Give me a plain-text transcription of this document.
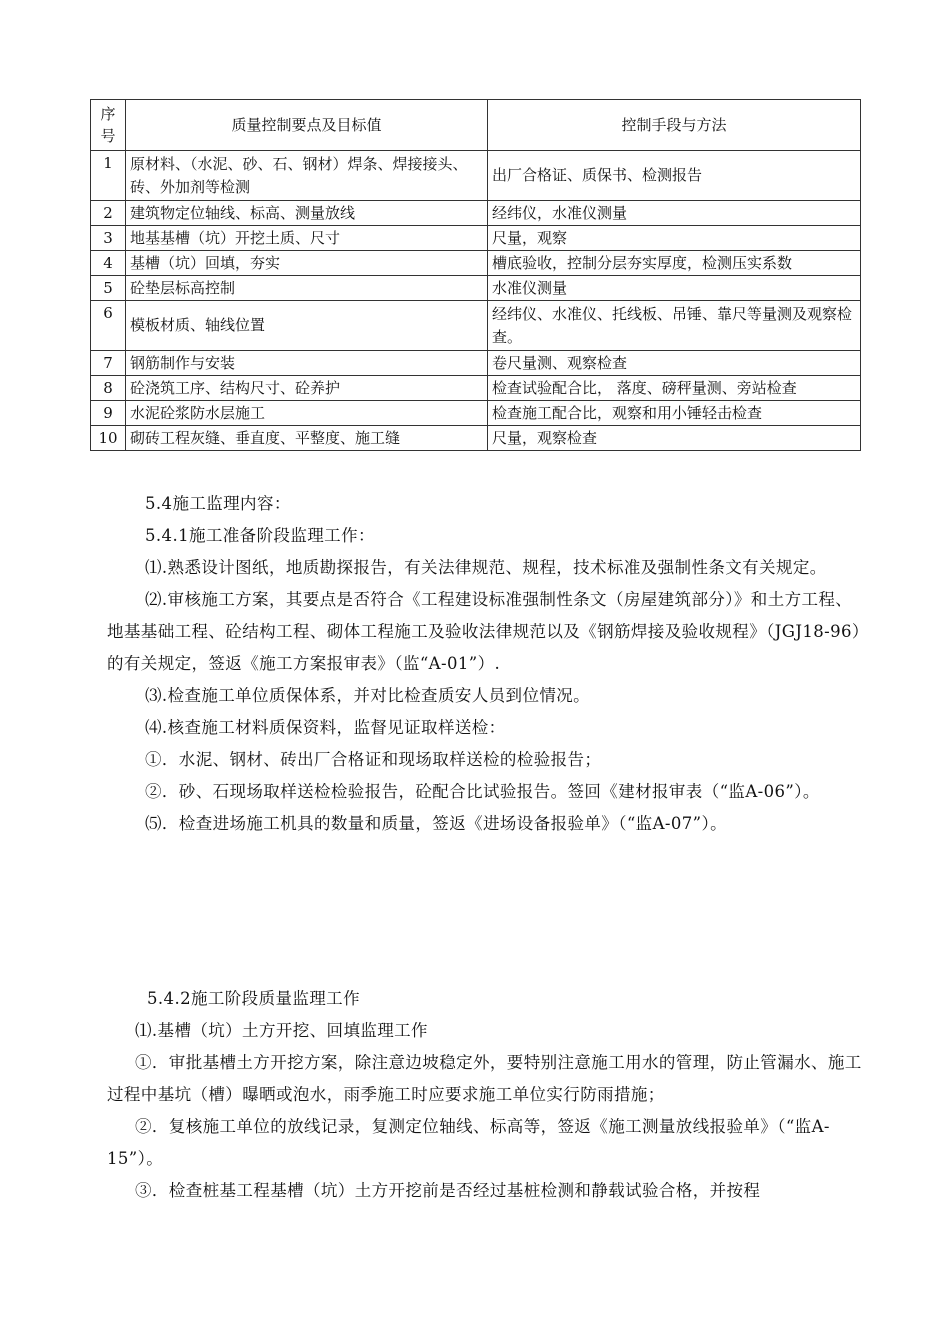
序
号	质量控制要点及目标值	控制手段与方法
1	原材料、（水泥、砂、石、钢材）焊条、焊接接头、砖、外加剂等检测	出厂合格证、质保书、检测报告
2	建筑物定位轴线、标高、测量放线	经纬仪，水准仪测量
3	地基基槽（坑）开挖土质、尺寸	尺量，观察
4	基槽（坑）回填，夯实	槽底验收，控制分层夯实厚度，检测压实系数
5	砼垫层标高控制	水准仪测量
6	模板材质、轴线位置	经纬仪、水准仪、托线板、吊锤、靠尺等量测及观察检查。
7	钢筋制作与安装	卷尺量测、观察检查
8	砼浇筑工序、结构尺寸、砼养护	检查试验配合比， 落度、磅秤量测、旁站检查
9	水泥砼浆防水层施工	检查施工配合比，观察和用小锤轻击检查
10	砌砖工程灰缝、垂直度、平整度、施工缝	尺量，观察检查

5.4施工监理内容：

5.4.1施工准备阶段监理工作：

⑴.熟悉设计图纸，地质勘探报告，有关法律规范、规程，技术标准及强制性条文有关规定。

⑵.审核施工方案，其要点是否符合《工程建设标准强制性条文（房屋建筑部分）》和土方工程、地基基础工程、砼结构工程、砌体工程施工及验收法律规范以及《钢筋焊接及验收规程》（JGJ18-96）的有关规定，签返《施工方案报审表》（监“A-01”）.

⑶.检查施工单位质保体系，并对比检查质安人员到位情况。

⑷.核查施工材料质保资料，监督见证取样送检：

①．水泥、钢材、砖出厂合格证和现场取样送检的检验报告；

②．砂、石现场取样送检检验报告，砼配合比试验报告。签回《建材报审表（“监A-06”）。

⑸．检查进场施工机具的数量和质量，签返《进场设备报验单》（“监A-07”）。

5.4.2施工阶段质量监理工作

⑴.基槽（坑）土方开挖、回填监理工作

①．审批基槽土方开挖方案，除注意边坡稳定外，要特别注意施工用水的管理，防止管漏水、施工过程中基坑（槽）曝晒或泡水，雨季施工时应要求施工单位实行防雨措施；

②．复核施工单位的放线记录，复测定位轴线、标高等，签返《施工测量放线报验单》（“监A-15”）。

③．检查桩基工程基槽（坑）土方开挖前是否经过基桩检测和静载试验合格，并按程
